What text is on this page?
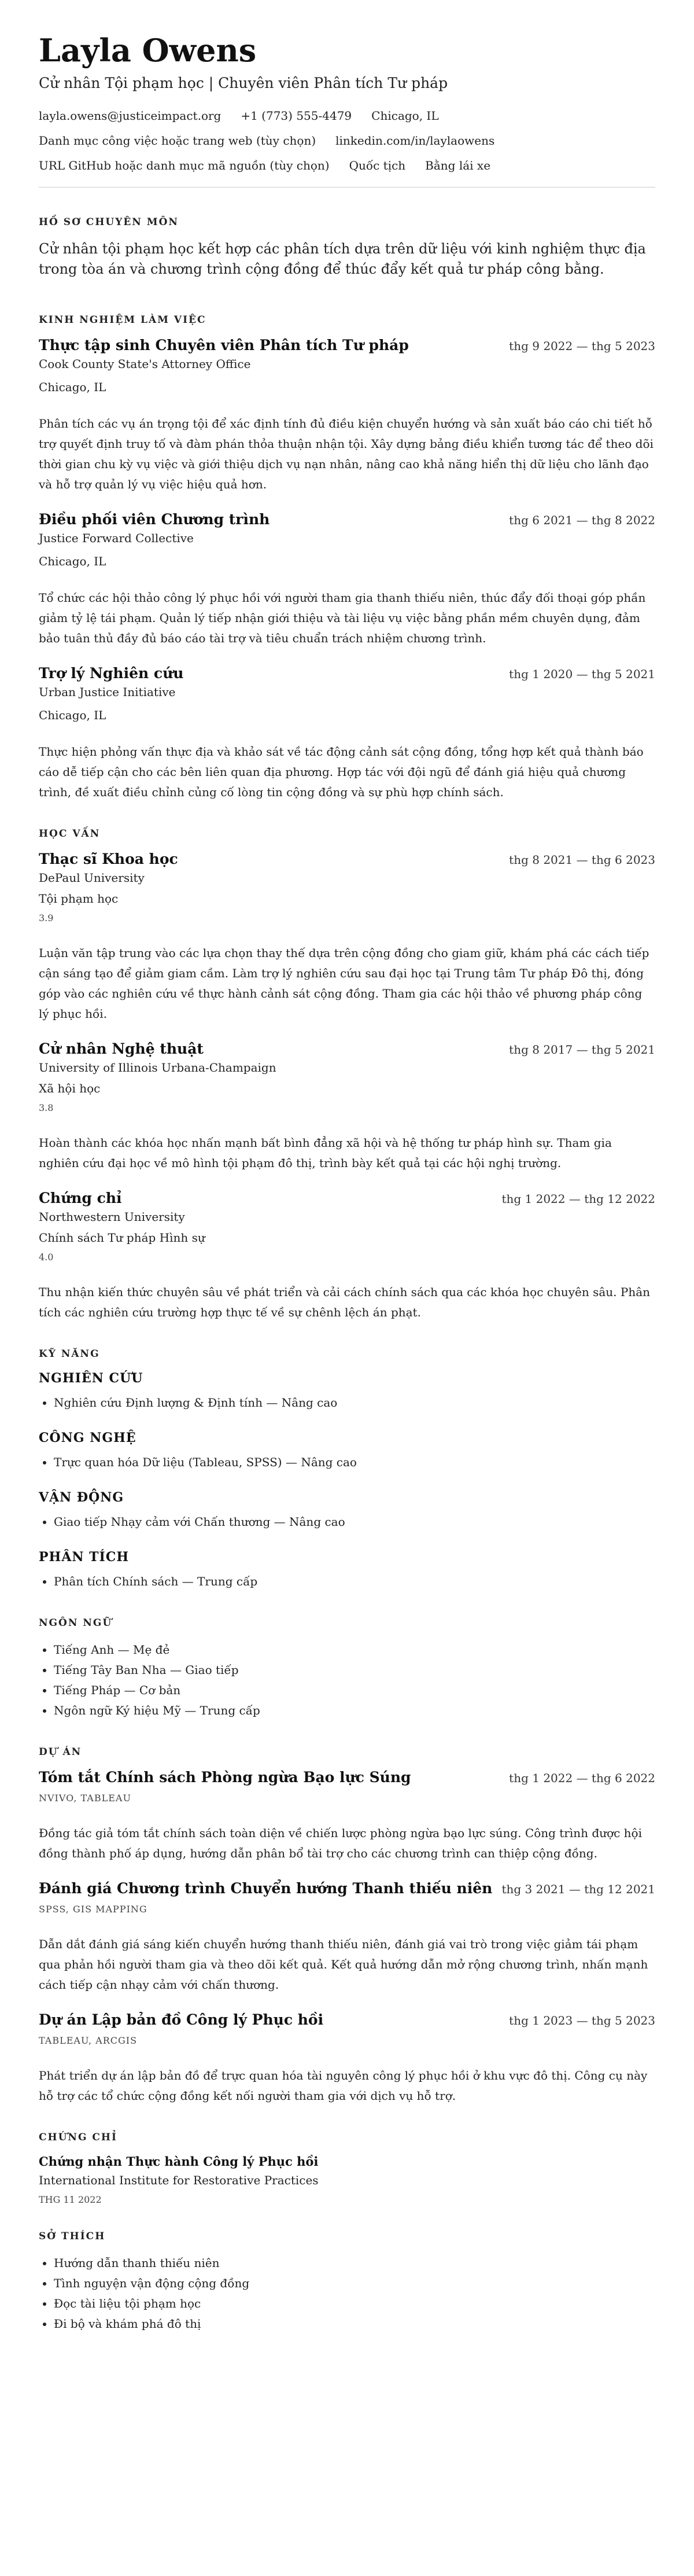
Layla Owens
Cử nhân Tội phạm học | Chuyên viên Phân tích Tư pháp
layla.owens@justiceimpact.org +1 (773) 555-4479 Chicago, IL
Danh mục công việc hoặc trang web (tùy chọn) linkedin.com/in/laylaowens
URL GitHub hoặc danh mục mã nguồn (tùy chọn) Quốc tịch Bằng lái xe
HỒ SƠ CHUYÊN MÔN
Cử nhân tội phạm học kết hợp các phân tích dựa trên dữ liệu với kinh nghiệm thực địa trong tòa án và chương trình cộng đồng để thúc đẩy kết quả tư pháp công bằng.
KINH NGHIỆM LÀM VIỆC
Thực tập sinh Chuyên viên Phân tích Tư pháp	thg 9 2022 — thg 5 2023
Cook County State's Attorney Office
Chicago, IL
Phân tích các vụ án trọng tội để xác định tính đủ điều kiện chuyển hướng và sản xuất báo cáo chi tiết hỗ trợ quyết định truy tố và đàm phán thỏa thuận nhận tội. Xây dựng bảng điều khiển tương tác để theo dõi thời gian chu kỳ vụ việc và giới thiệu dịch vụ nạn nhân, nâng cao khả năng hiển thị dữ liệu cho lãnh đạo và hỗ trợ quản lý vụ việc hiệu quả hơn.
Điều phối viên Chương trình	thg 6 2021 — thg 8 2022
Justice Forward Collective
Chicago, IL
Tổ chức các hội thảo công lý phục hồi với người tham gia thanh thiếu niên, thúc đẩy đối thoại góp phần giảm tỷ lệ tái phạm. Quản lý tiếp nhận giới thiệu và tài liệu vụ việc bằng phần mềm chuyên dụng, đảm bảo tuân thủ đầy đủ báo cáo tài trợ và tiêu chuẩn trách nhiệm chương trình.
Trợ lý Nghiên cứu	thg 1 2020 — thg 5 2021
Urban Justice Initiative
Chicago, IL
Thực hiện phỏng vấn thực địa và khảo sát về tác động cảnh sát cộng đồng, tổng hợp kết quả thành báo cáo dễ tiếp cận cho các bên liên quan địa phương. Hợp tác với đội ngũ để đánh giá hiệu quả chương trình, đề xuất điều chỉnh củng cố lòng tin cộng đồng và sự phù hợp chính sách.
HỌC VẤN
Thạc sĩ Khoa học	thg 8 2021 — thg 6 2023
DePaul University
Tội phạm học
3.9
Luận văn tập trung vào các lựa chọn thay thế dựa trên cộng đồng cho giam giữ, khám phá các cách tiếp cận sáng tạo để giảm giam cầm. Làm trợ lý nghiên cứu sau đại học tại Trung tâm Tư pháp Đô thị, đóng góp vào các nghiên cứu về thực hành cảnh sát cộng đồng. Tham gia các hội thảo về phương pháp công lý phục hồi.
Cử nhân Nghệ thuật	thg 8 2017 — thg 5 2021
University of Illinois Urbana-Champaign
Xã hội học
3.8
Hoàn thành các khóa học nhấn mạnh bất bình đẳng xã hội và hệ thống tư pháp hình sự. Tham gia nghiên cứu đại học về mô hình tội phạm đô thị, trình bày kết quả tại các hội nghị trường.
Chứng chỉ	thg 1 2022 — thg 12 2022
Northwestern University
Chính sách Tư pháp Hình sự
4.0
Thu nhận kiến thức chuyên sâu về phát triển và cải cách chính sách qua các khóa học chuyên sâu. Phân tích các nghiên cứu trường hợp thực tế về sự chênh lệch án phạt.
KỸ NĂNG
NGHIÊN CỨU
• Nghiên cứu Định lượng & Định tính — Nâng cao
CÔNG NGHỆ
• Trực quan hóa Dữ liệu (Tableau, SPSS) — Nâng cao
VẬN ĐỘNG
• Giao tiếp Nhạy cảm với Chấn thương — Nâng cao
PHÂN TÍCH
• Phân tích Chính sách — Trung cấp
NGÔN NGỮ
• Tiếng Anh — Mẹ đẻ
• Tiếng Tây Ban Nha — Giao tiếp
• Tiếng Pháp — Cơ bản
• Ngôn ngữ Ký hiệu Mỹ — Trung cấp
DỰ ÁN
Tóm tắt Chính sách Phòng ngừa Bạo lực Súng	thg 1 2022 — thg 6 2022
NVIVO, TABLEAU
Đồng tác giả tóm tắt chính sách toàn diện về chiến lược phòng ngừa bạo lực súng. Công trình được hội đồng thành phố áp dụng, hướng dẫn phân bổ tài trợ cho các chương trình can thiệp cộng đồng.
Đánh giá Chương trình Chuyển hướng Thanh thiếu niên thg 3 2021 — thg 12 2021
SPSS, GIS MAPPING
Dẫn dắt đánh giá sáng kiến chuyển hướng thanh thiếu niên, đánh giá vai trò trong việc giảm tái phạm qua phản hồi người tham gia và theo dõi kết quả. Kết quả hướng dẫn mở rộng chương trình, nhấn mạnh cách tiếp cận nhạy cảm với chấn thương.
Dự án Lập bản đồ Công lý Phục hồi	thg 1 2023 — thg 5 2023
TABLEAU, ARCGIS
Phát triển dự án lập bản đồ để trực quan hóa tài nguyên công lý phục hồi ở khu vực đô thị. Công cụ này hỗ trợ các tổ chức cộng đồng kết nối người tham gia với dịch vụ hỗ trợ.
CHỨNG CHỈ
Chứng nhận Thực hành Công lý Phục hồi
International Institute for Restorative Practices
THG 11 2022
SỞ THÍCH
• Hướng dẫn thanh thiếu niên
• Tình nguyện vận động cộng đồng
• Đọc tài liệu tội phạm học
• Đi bộ và khám phá đô thị
